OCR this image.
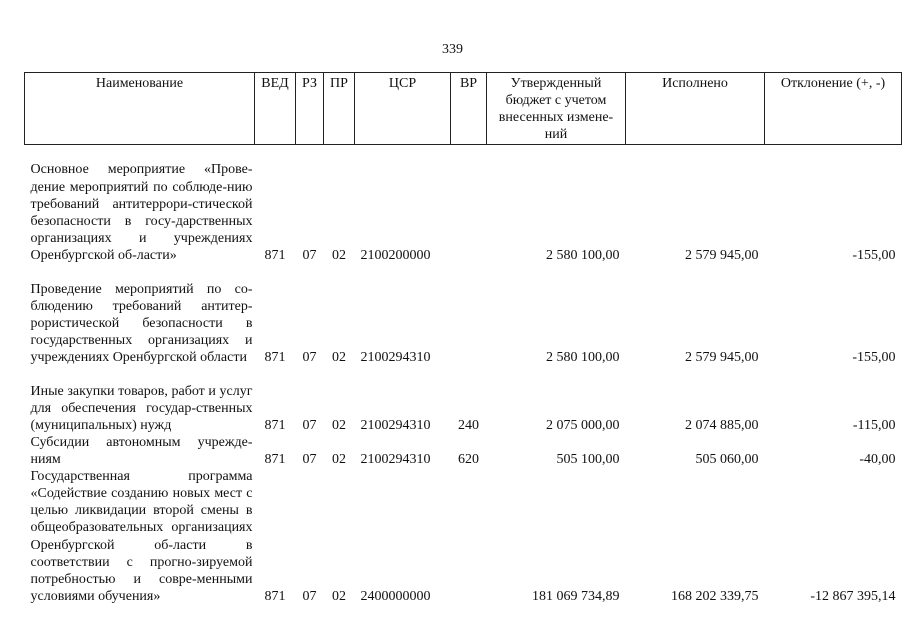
339
Наименование	ВЕД	РЗ	ПР	ЦСР	ВР	Утвержденный бюджет с учетом внесенных измене-ний	Исполнено	Отклонение (+, -)
Основное мероприятие «Прове-дение мероприятий по соблюде-нию требований антитеррори-стической безопасности в госу-дарственных организациях и учреждениях Оренбургской об-ласти»	871	07	02	2100200000		2 580 100,00	2 579 945,00	-155,00
Проведение мероприятий по со-блюдению требований антитер-рористической безопасности в государственных организациях и учреждениях Оренбургской области	871	07	02	2100294310		2 580 100,00	2 579 945,00	-155,00
Иные закупки товаров, работ и услуг для обеспечения государ-ственных (муниципальных) нужд	871	07	02	2100294310	240	2 075 000,00	2 074 885,00	-115,00
Субсидии автономным учрежде-ниям	871	07	02	2100294310	620	505 100,00	505 060,00	-40,00
Государственная программа «Содействие созданию новых мест с целью ликвидации второй смены в общеобразовательных организациях Оренбургской об-ласти в соответствии с прогно-зируемой потребностью и совре-менными условиями обучения»	871	07	02	2400000000		181 069 734,89	168 202 339,75	-12 867 395,14
